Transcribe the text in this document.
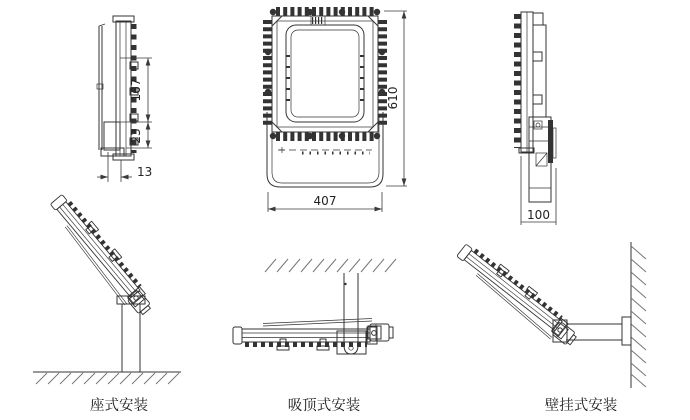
167
23
13
610
407
100
座式安装	吸顶式安装	壁挂式安装
